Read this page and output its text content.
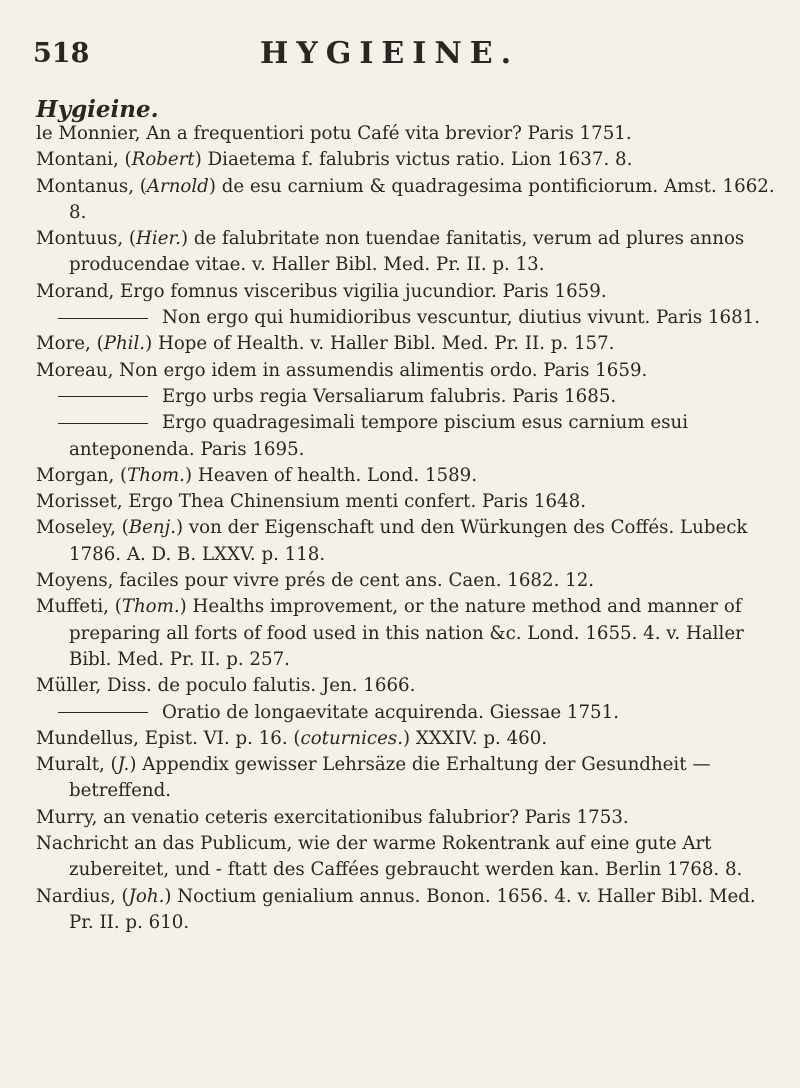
518	HYGIEINE.
Hygieine.
le Monnier, An a frequentiori potu Café vita brevior? Paris 1751.
Montani, (Robert) Diaetema f. falubris victus ratio. Lion 1637. 8.
Montanus, (Arnold) de esu carnium & quadragesima pontificiorum. Amst. 1662. 8.
Montuus, (Hier.) de falubritate non tuendae fanitatis, verum ad plures annos producendae vitae. v. Haller Bibl. Med. Pr. II. p. 13.
Morand, Ergo fomnus visceribus vigilia jucundior. Paris 1659.
Non ergo qui humidioribus vescuntur, diutius vivunt. Paris 1681.
More, (Phil.) Hope of Health. v. Haller Bibl. Med. Pr. II. p. 157.
Moreau, Non ergo idem in assumendis alimentis ordo. Paris 1659.
Ergo urbs regia Versaliarum falubris. Paris 1685.
Ergo quadragesimali tempore piscium esus carnium esui anteponenda. Paris 1695.
Morgan, (Thom.) Heaven of health. Lond. 1589.
Morisset, Ergo Thea Chinensium menti confert. Paris 1648.
Moseley, (Benj.) von der Eigenschaft und den Würkungen des Coffés. Lubeck 1786. A. D. B. LXXV. p. 118.
Moyens, faciles pour vivre prés de cent ans. Caen. 1682. 12.
Muffeti, (Thom.) Healths improvement, or the nature method and manner of preparing all forts of food used in this nation &c. Lond. 1655. 4. v. Haller Bibl. Med. Pr. II. p. 257.
Müller, Diss. de poculo falutis. Jen. 1666.
Oratio de longaevitate acquirenda. Giessae 1751.
Mundellus, Epist. VI. p. 16. (coturnices.) XXXIV. p. 460.
Muralt, (J.) Appendix gewisser Lehrsäze die Erhaltung der Gesundheit — betreffend.
Murry, an venatio ceteris exercitationibus falubrior? Paris 1753.
Nachricht an das Publicum, wie der warme Rokentrank auf eine gute Art zubereitet, und - ftatt des Caffées gebraucht werden kan. Berlin 1768. 8.
Nardius, (Joh.) Noctium genialium annus. Bonon. 1656. 4. v. Haller Bibl. Med. Pr. II. p. 610.
